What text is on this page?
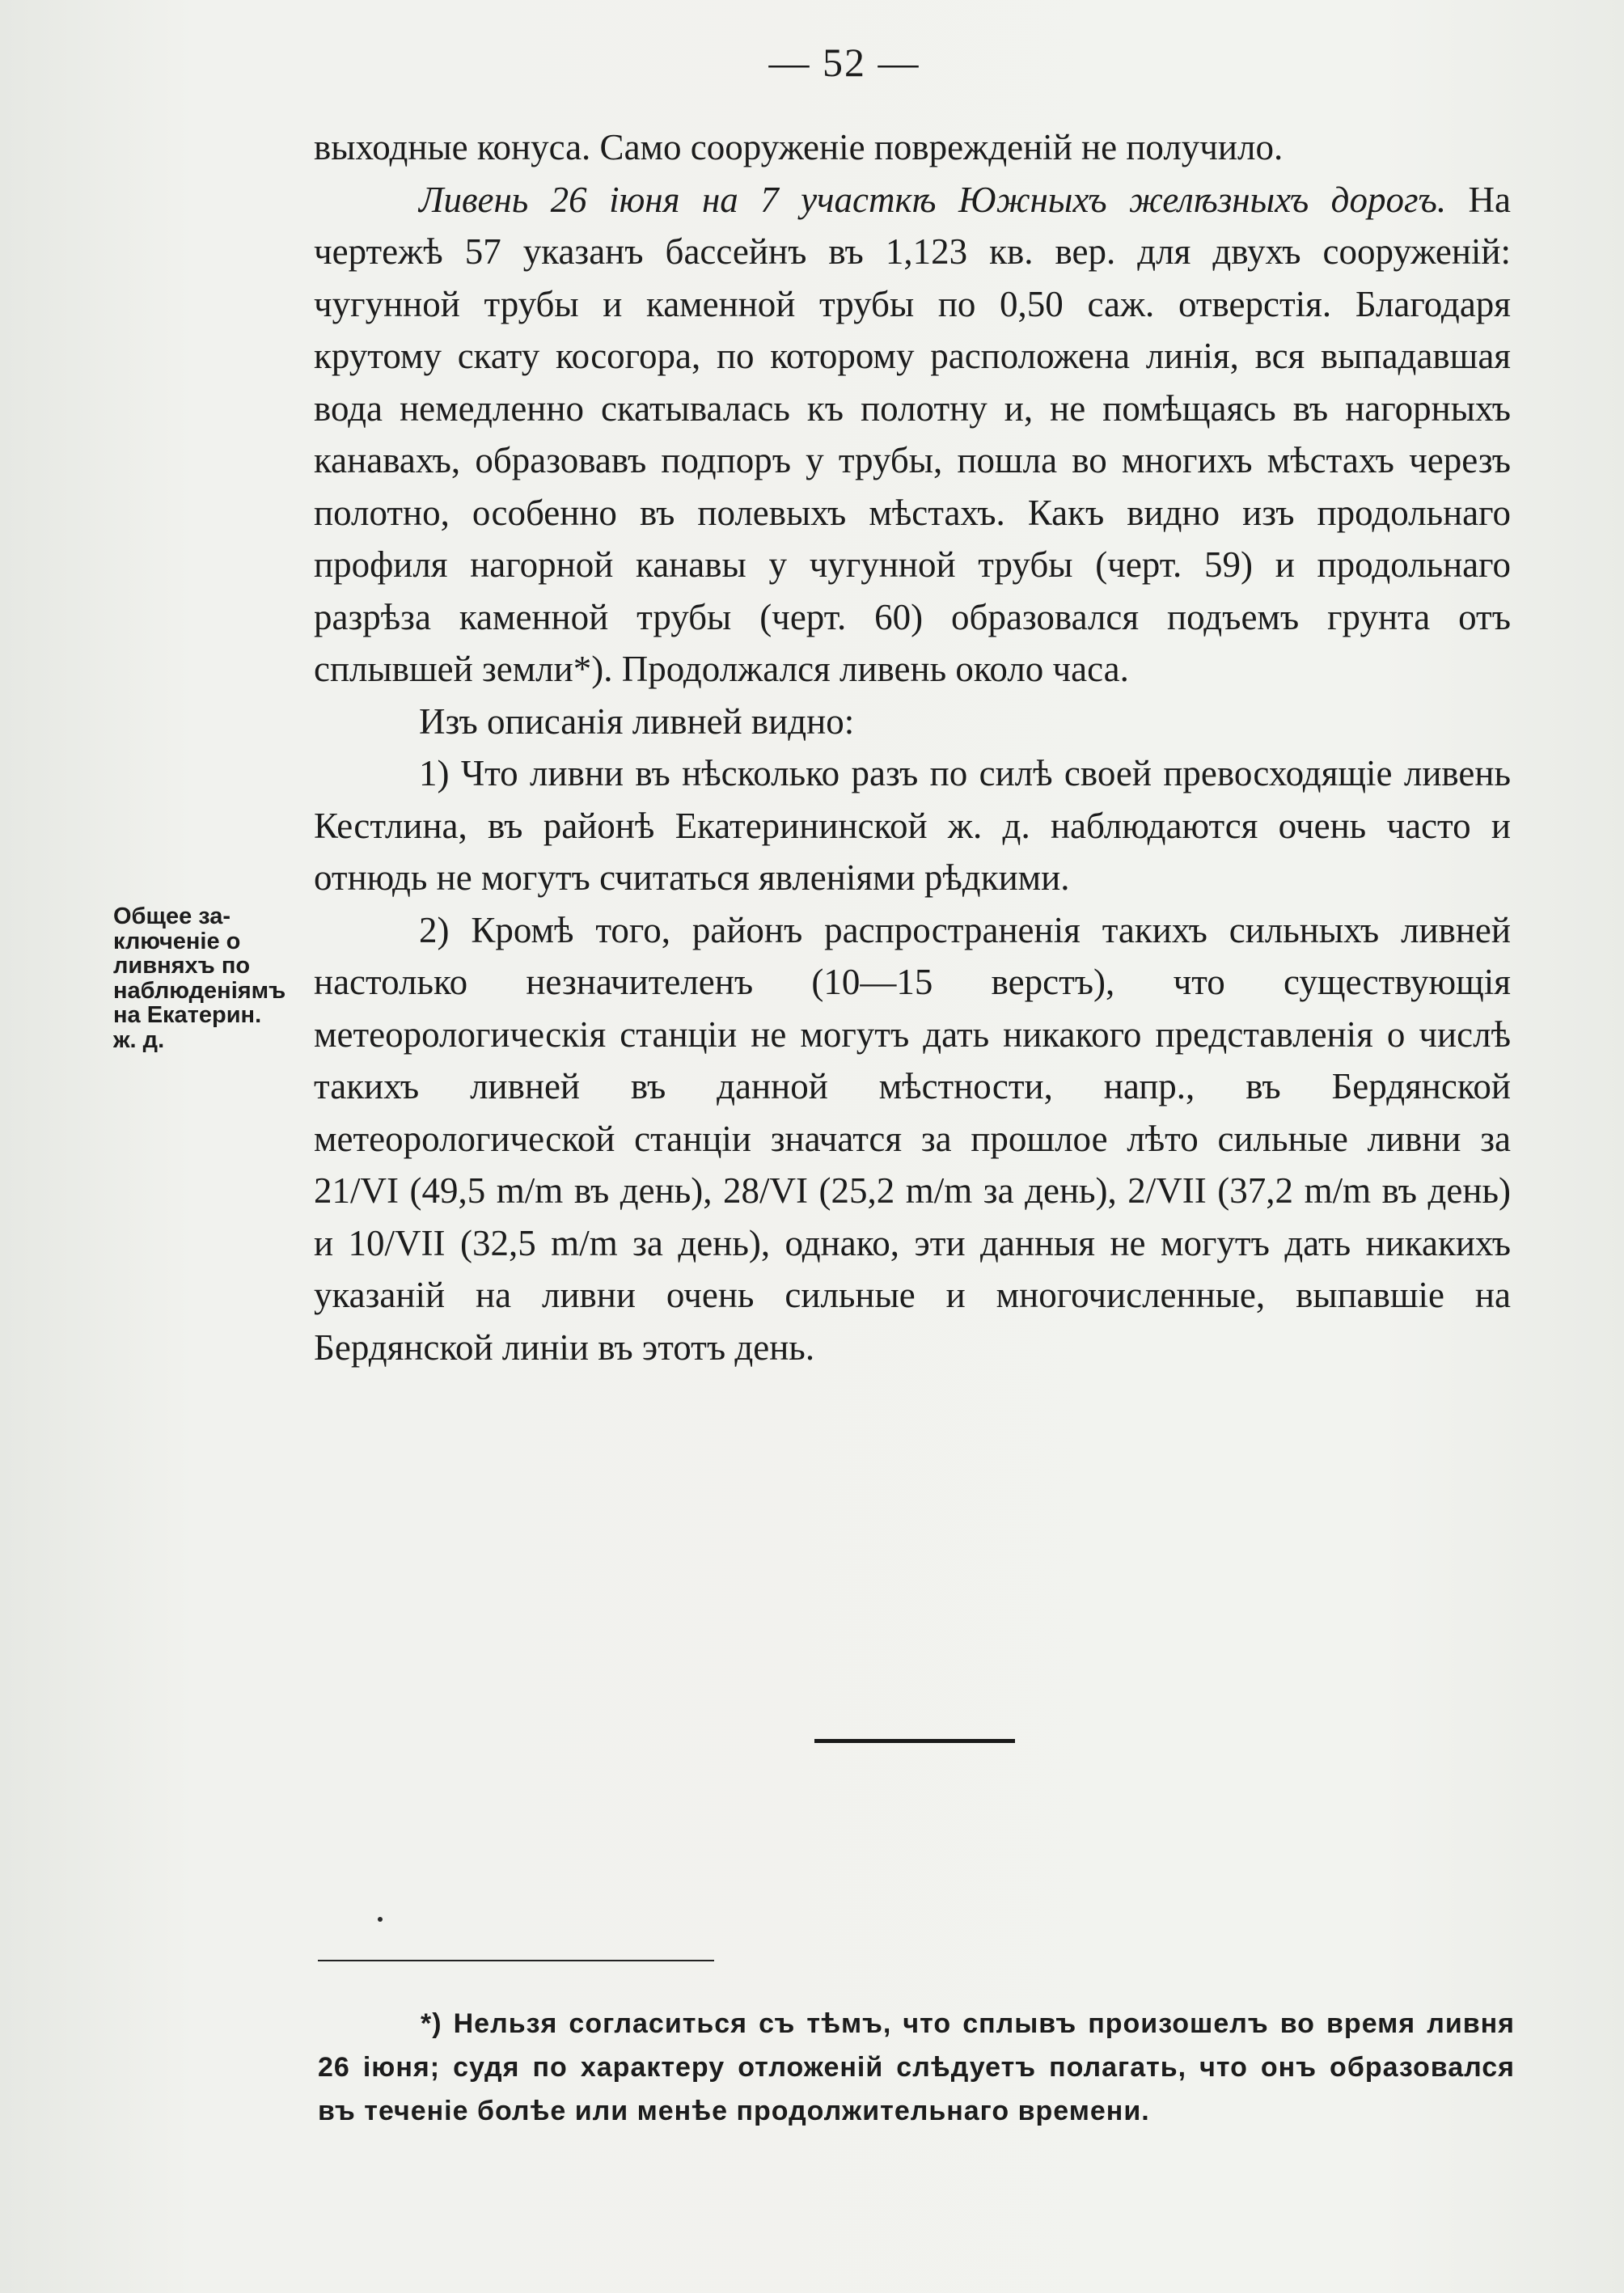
— 52 —

выходные конуса. Само сооруженіе поврежденій не получило.

Ливень 26 іюня на 7 участкѣ Южныхъ желѣзныхъ дорогъ. На чертежѣ 57 указанъ бассейнъ въ 1,123 кв. вер. для двухъ сооруженій: чугунной трубы и каменной трубы по 0,50 саж. отверстія. Благодаря крутому скату косогора, по которому расположена линія, вся выпадавшая вода немедленно скатывалась къ полотну и, не помѣщаясь въ нагорныхъ канавахъ, образовавъ подпоръ у трубы, пошла во многихъ мѣстахъ черезъ полотно, особенно въ полевыхъ мѣстахъ. Какъ видно изъ продольнаго профиля нагорной канавы у чугунной трубы (черт. 59) и продольнаго разрѣза каменной трубы (черт. 60) образовался подъемъ грунта отъ сплывшей земли*). Продолжался ливень около часа.

Изъ описанія ливней видно:

1) Что ливни въ нѣсколько разъ по силѣ своей превосходящіе ливень Кестлина, въ районѣ Екатерининской ж. д. наблюдаются очень часто и отнюдь не могутъ считаться явленіями рѣдкими.

2) Кромѣ того, районъ распространенія такихъ сильныхъ ливней настолько незначителенъ (10—15 верстъ), что существующія метеорологическія станціи не могутъ дать никакого представленія о числѣ такихъ ливней въ данной мѣстности, напр., въ Бердянской метеорологической станціи значатся за прошлое лѣто сильные ливни за 21/VI (49,5 m/m въ день), 28/VI (25,2 m/m за день), 2/VII (37,2 m/m въ день) и 10/VII (32,5 m/m за день), однако, эти данныя не могутъ дать никакихъ указаній на ливни очень сильные и многочисленные, выпавшіе на Бердянской линіи въ этотъ день.

Общее за-
ключеніе о
ливняхъ по
наблюденіямъ
на Екатерин.
ж. д.

*) Нельзя согласиться съ тѣмъ, что сплывъ произошелъ во время ливня 26 іюня; судя по характеру отложеній слѣдуетъ полагать, что онъ образовался въ теченіе болѣе или менѣе продолжительнаго времени.
